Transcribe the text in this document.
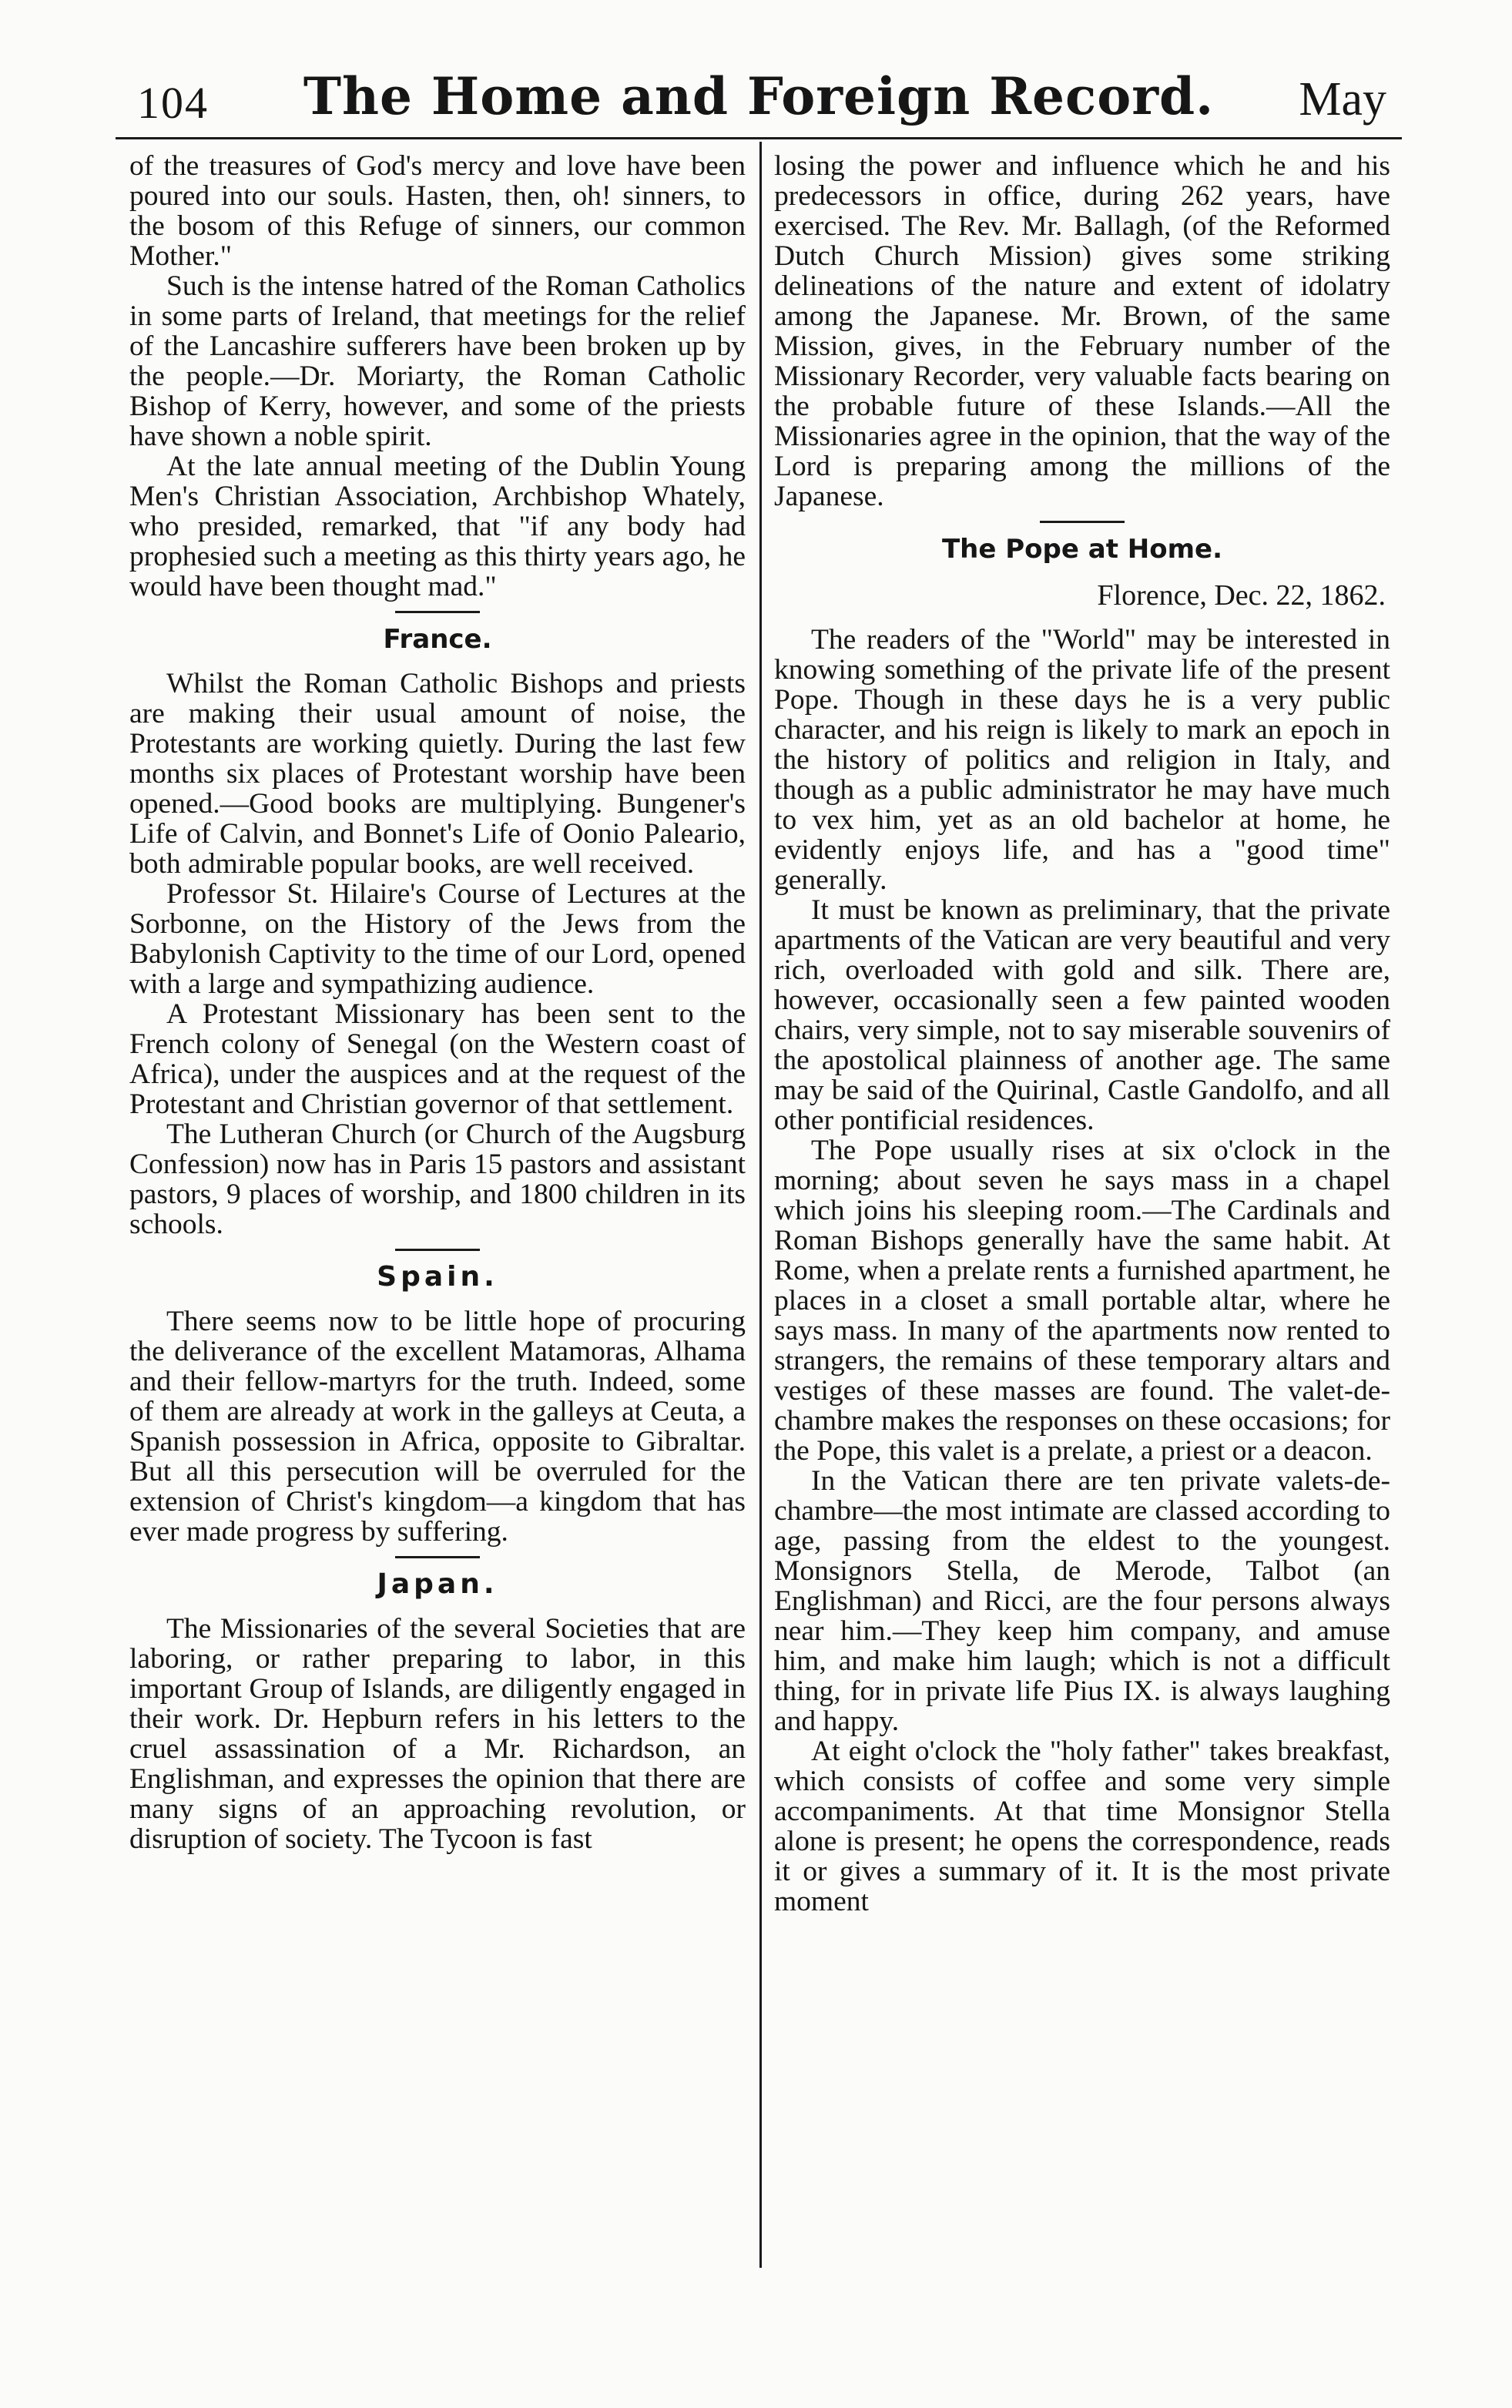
104	The Home and Foreign Record.	May

of the treasures of God's mercy and love have been poured into our souls. Hasten, then, oh! sinners, to the bosom of this Refuge of sinners, our common Mother."

Such is the intense hatred of the Roman Catholics in some parts of Ireland, that meetings for the relief of the Lancashire sufferers have been broken up by the people.—Dr. Moriarty, the Roman Catholic Bishop of Kerry, however, and some of the priests have shown a noble spirit.

At the late annual meeting of the Dublin Young Men's Christian Association, Archbishop Whately, who presided, remarked, that "if any body had prophesied such a meeting as this thirty years ago, he would have been thought mad."

France.

Whilst the Roman Catholic Bishops and priests are making their usual amount of noise, the Protestants are working quietly. During the last few months six places of Protestant worship have been opened.—Good books are multiplying. Bungener's Life of Calvin, and Bonnet's Life of Oonio Paleario, both admirable popular books, are well received.

Professor St. Hilaire's Course of Lectures at the Sorbonne, on the History of the Jews from the Babylonish Captivity to the time of our Lord, opened with a large and sympathizing audience.

A Protestant Missionary has been sent to the French colony of Senegal (on the Western coast of Africa), under the auspices and at the request of the Protestant and Christian governor of that settlement.

The Lutheran Church (or Church of the Augsburg Confession) now has in Paris 15 pastors and assistant pastors, 9 places of worship, and 1800 children in its schools.

Spain.

There seems now to be little hope of procuring the deliverance of the excellent Matamoras, Alhama and their fellow-martyrs for the truth. Indeed, some of them are already at work in the galleys at Ceuta, a Spanish possession in Africa, opposite to Gibraltar. But all this persecution will be overruled for the extension of Christ's kingdom—a kingdom that has ever made progress by suffering.

Japan.

The Missionaries of the several Societies that are laboring, or rather preparing to labor, in this important Group of Islands, are diligently engaged in their work. Dr. Hepburn refers in his letters to the cruel assassination of a Mr. Richardson, an Englishman, and expresses the opinion that there are many signs of an approaching revolution, or disruption of society. The Tycoon is fast

losing the power and influence which he and his predecessors in office, during 262 years, have exercised. The Rev. Mr. Ballagh, (of the Reformed Dutch Church Mission) gives some striking delineations of the nature and extent of idolatry among the Japanese. Mr. Brown, of the same Mission, gives, in the February number of the Missionary Recorder, very valuable facts bearing on the probable future of these Islands.—All the Missionaries agree in the opinion, that the way of the Lord is preparing among the millions of the Japanese.

The Pope at Home.
Florence, Dec. 22, 1862.

The readers of the "World" may be interested in knowing something of the private life of the present Pope. Though in these days he is a very public character, and his reign is likely to mark an epoch in the history of politics and religion in Italy, and though as a public administrator he may have much to vex him, yet as an old bachelor at home, he evidently enjoys life, and has a "good time" generally.

It must be known as preliminary, that the private apartments of the Vatican are very beautiful and very rich, overloaded with gold and silk. There are, however, occasionally seen a few painted wooden chairs, very simple, not to say miserable souvenirs of the apostolical plainness of another age. The same may be said of the Quirinal, Castle Gandolfo, and all other pontificial residences.

The Pope usually rises at six o'clock in the morning; about seven he says mass in a chapel which joins his sleeping room.—The Cardinals and Roman Bishops generally have the same habit. At Rome, when a prelate rents a furnished apartment, he places in a closet a small portable altar, where he says mass. In many of the apartments now rented to strangers, the remains of these temporary altars and vestiges of these masses are found. The valet-de-chambre makes the responses on these occasions; for the Pope, this valet is a prelate, a priest or a deacon.

In the Vatican there are ten private valets-de-chambre—the most intimate are classed according to age, passing from the eldest to the youngest. Monsignors Stella, de Merode, Talbot (an Englishman) and Ricci, are the four persons always near him.—They keep him company, and amuse him, and make him laugh; which is not a difficult thing, for in private life Pius IX. is always laughing and happy.

At eight o'clock the "holy father" takes breakfast, which consists of coffee and some very simple accompaniments. At that time Monsignor Stella alone is present; he opens the correspondence, reads it or gives a summary of it. It is the most private moment
